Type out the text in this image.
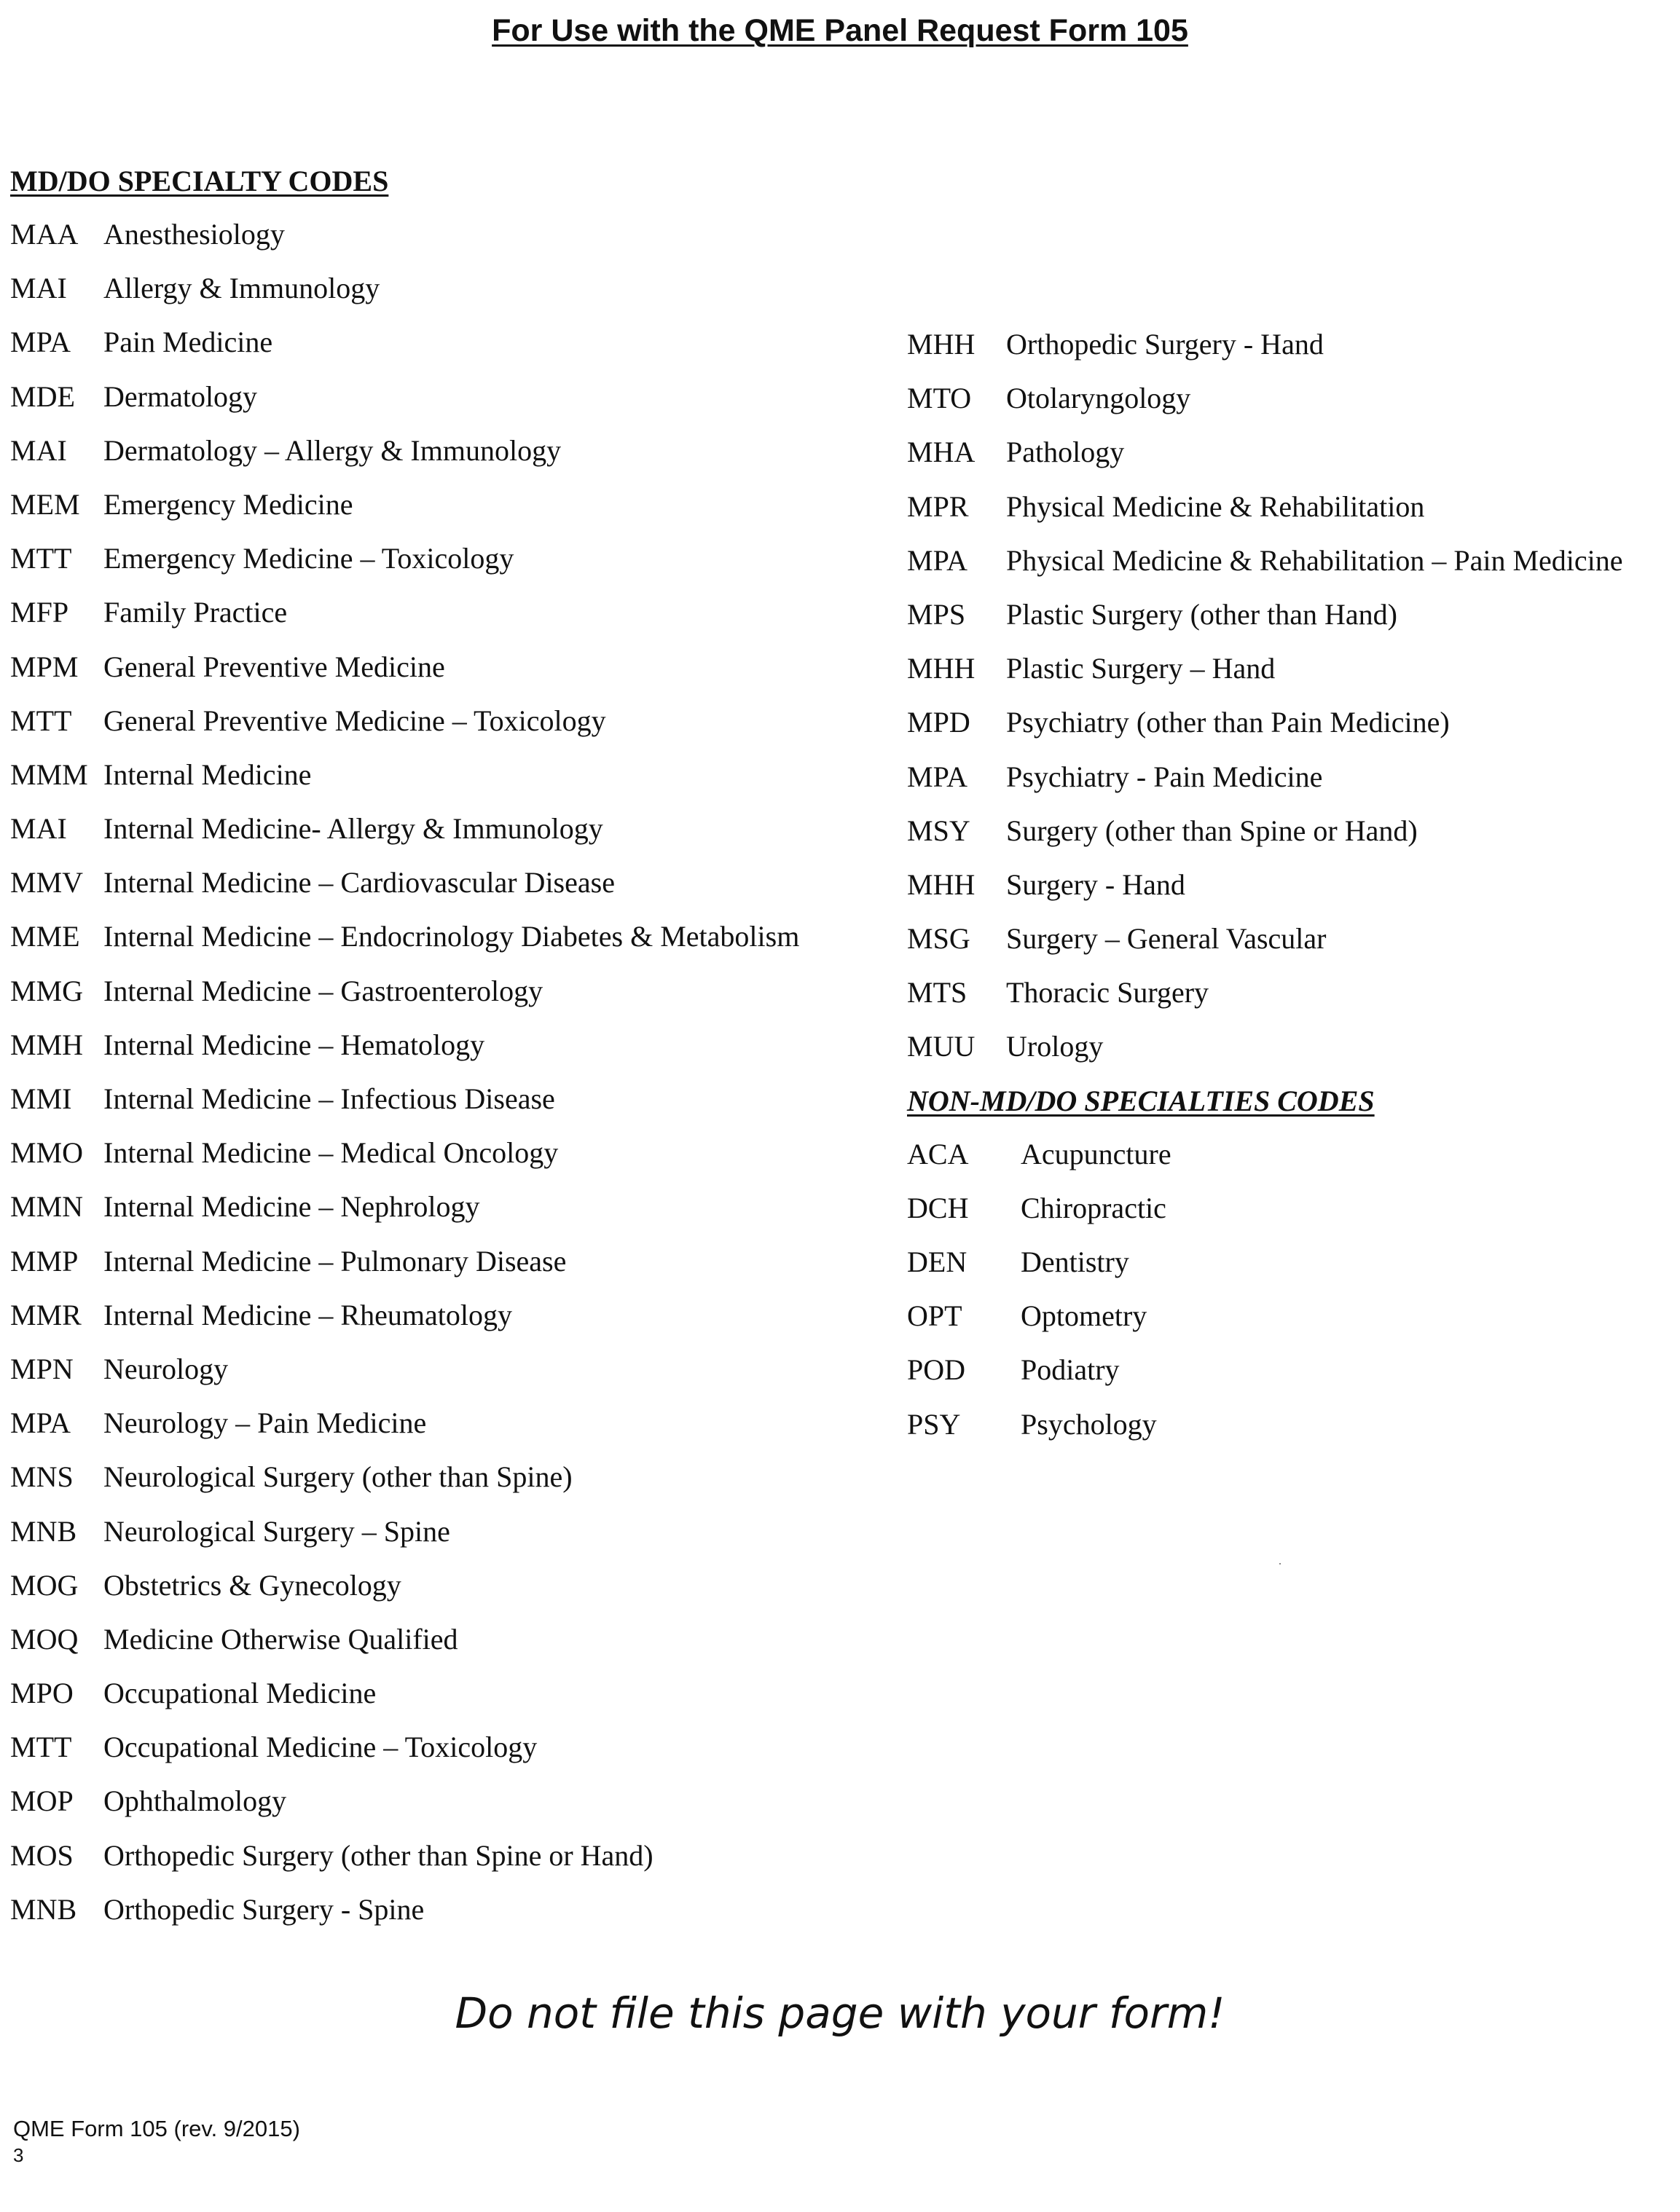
For Use with the QME Panel Request Form 105
MD/DO SPECIALTY CODES
MAA Anesthesiology
MAI	Allergy & Immunology
MPA	Pain Medicine
MDE Dermatology
MAI	Dermatology – Allergy & Immunology
MEM Emergency Medicine
MTT	Emergency Medicine – Toxicology
MFP	Family Practice
MPM General Preventive Medicine
MTT	General Preventive Medicine – Toxicology
MMM Internal Medicine
MAI	Internal Medicine- Allergy & Immunology
MMV Internal Medicine – Cardiovascular Disease
MME Internal Medicine – Endocrinology Diabetes & Metabolism
MMG Internal Medicine – Gastroenterology
MMH Internal Medicine – Hematology
MMI	Internal Medicine – Infectious Disease
MMO Internal Medicine – Medical Oncology
MMN Internal Medicine – Nephrology
MMP Internal Medicine – Pulmonary Disease
MMR Internal Medicine – Rheumatology
MPN	Neurology
MPA	Neurology – Pain Medicine
MNS	Neurological Surgery (other than Spine)
MNB Neurological Surgery – Spine
MOG Obstetrics & Gynecology
MOQ Medicine Otherwise Qualified
MPO	Occupational Medicine
MTT	Occupational Medicine – Toxicology
MOP	Ophthalmology
MOS	Orthopedic Surgery (other than Spine or Hand)
MNB Orthopedic Surgery - Spine
MHH	Orthopedic Surgery - Hand
MTO	Otolaryngology
MHA	Pathology
MPR	Physical Medicine & Rehabilitation
MPA	Physical Medicine & Rehabilitation – Pain Medicine
MPS	Plastic Surgery (other than Hand)
MHH	Plastic Surgery – Hand
MPD	Psychiatry (other than Pain Medicine)
MPA	Psychiatry - Pain Medicine
MSY	Surgery (other than Spine or Hand)
MHH	Surgery - Hand
MSG	Surgery – General Vascular
MTS	Thoracic Surgery
MUU	Urology
NON-MD/DO SPECIALTIES CODES
ACA	Acupuncture
DCH	Chiropractic
DEN	Dentistry
OPT	Optometry
POD	Podiatry
PSY	Psychology
Do not file this page with your form!
QME Form 105 (rev. 9/2015)
3
